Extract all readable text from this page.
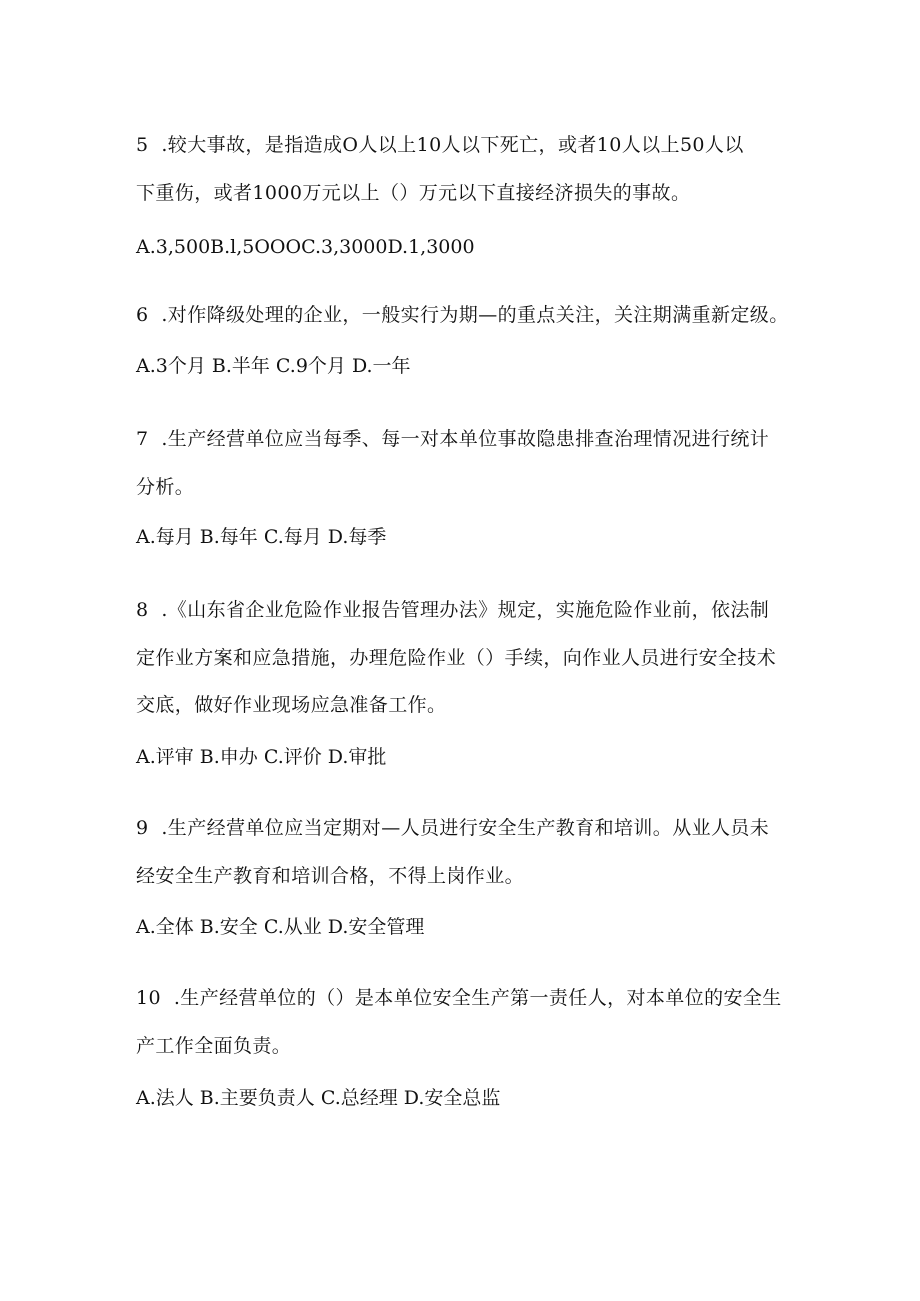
5  .较大事故，是指造成O人以上10人以下死亡，或者10人以上50人以
下重伤，或者1000万元以上（）万元以下直接经济损失的事故。
A.3,500B.l,5OOOC.3,3000D.1,3000
6  .对作降级处理的企业，一般实行为期—的重点关注，关注期满重新定级。
A.3个月 B.半年 C.9个月 D.一年
7  .生产经营单位应当每季、每一对本单位事故隐患排查治理情况进行统计
分析。
A.每月 B.每年 C.每月 D.每季
8  .《山东省企业危险作业报告管理办法》规定，实施危险作业前，依法制
定作业方案和应急措施，办理危险作业（）手续，向作业人员进行安全技术
交底，做好作业现场应急准备工作。
A.评审 B.申办 C.评价 D.审批
9  .生产经营单位应当定期对—人员进行安全生产教育和培训。从业人员未
经安全生产教育和培训合格，不得上岗作业。
A.全体 B.安全 C.从业 D.安全管理
10  .生产经营单位的（）是本单位安全生产第一责任人，对本单位的安全生
产工作全面负责。
A.法人 B.主要负责人 C.总经理 D.安全总监
